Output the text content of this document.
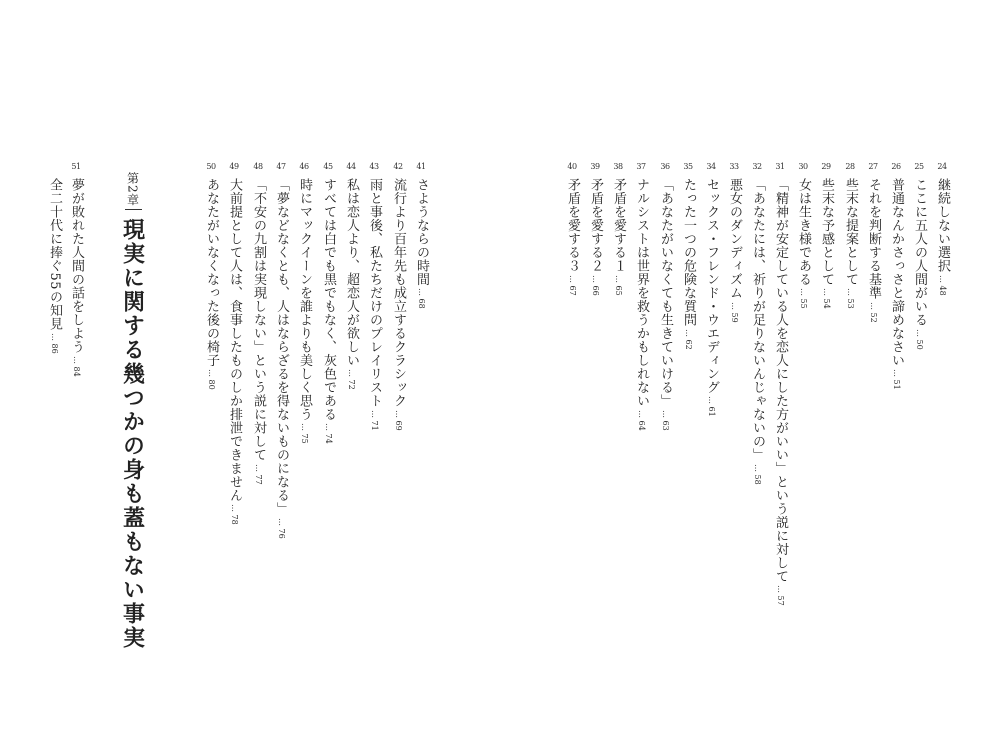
第2章
現実に関する幾つかの身も蓋もない事実
24
継続しない選択… 48
25
ここに五人の人間がいる… 50
26
普通なんかさっさと諦めなさい… 51
27
それを判断する基準… 52
28
些末な提案として… 53
29
些末な予感として… 54
30
女は生き様である… 55
31
「精神が安定している人を恋人にした方がいい」という説に対して… 57
32
「あなたには、祈りが足りないんじゃないの」… 58
33
悪女のダンディズム… 59
34
セックス・フレンド・ウエディング… 61
35
たった一つの危険な質問… 62
36
「あなたがいなくても生きていける」… 63
37
ナルシストは世界を救うかもしれない… 64
38
矛盾を愛する１… 65
39
矛盾を愛する２… 66
40
矛盾を愛する３… 67
41
さようならの時間… 68
42
流行より百年先も成立するクラシック… 69
43
雨と事後、私たちだけのプレイリスト… 71
44
私は恋人より、超恋人が欲しい… 72
45
すべては白でも黒でもなく、灰色である… 74
46
時にマックイーンを誰よりも美しく思う… 75
47
「夢などなくとも、人はならざるを得ないものになる」… 76
48
「不安の九割は実現しない」という説に対して… 77
49
大前提として人は、食事したものしか排泄できません… 78
50
あなたがいなくなった後の椅子… 80
51
夢が敗れた人間の話をしよう… 84
全二十代に捧ぐ55の知見… 86
